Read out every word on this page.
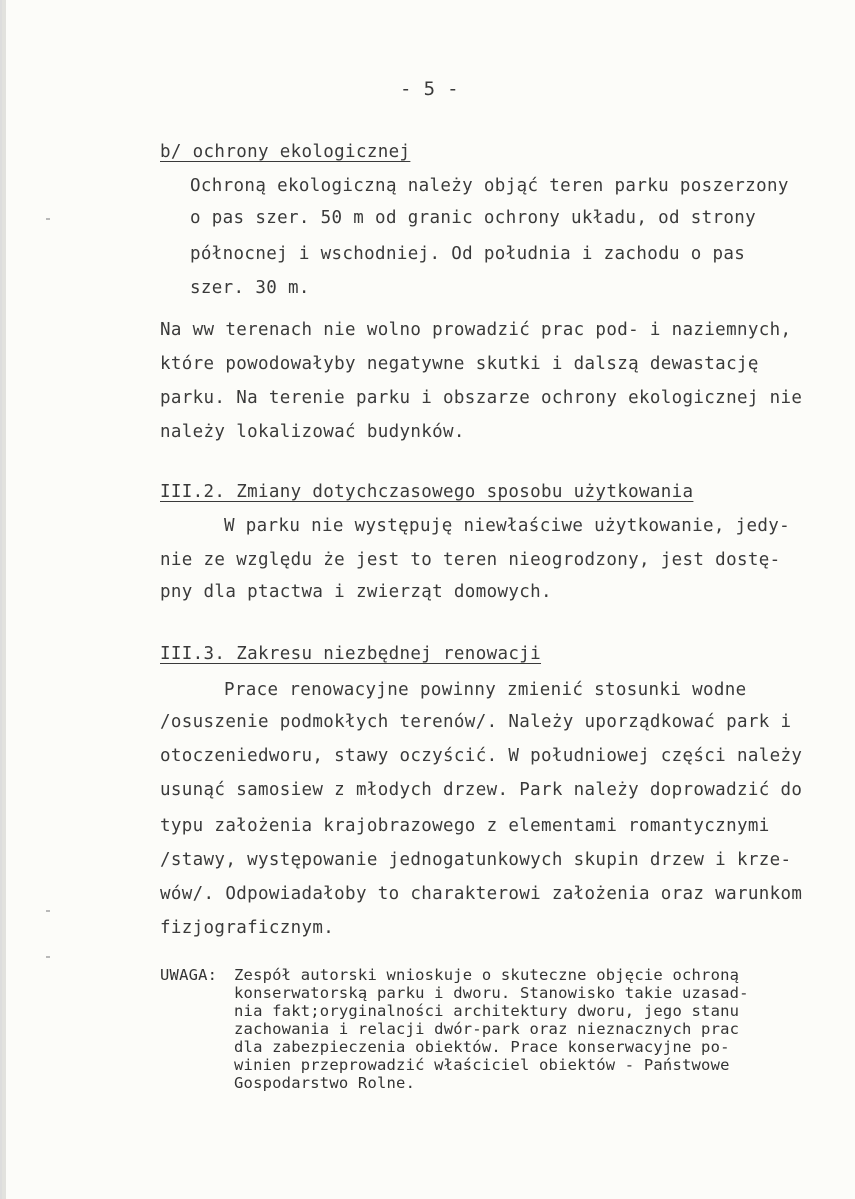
- 5 -
b/ ochrony ekologicznej
Ochroną ekologiczną należy objąć teren parku poszerzony
o pas szer. 50 m od granic ochrony układu, od strony
północnej i wschodniej. Od południa i zachodu o pas
szer. 30 m.
Na ww terenach nie wolno prowadzić prac pod- i naziemnych,
które powodowałyby negatywne skutki i dalszą dewastację
parku. Na terenie parku i obszarze ochrony ekologicznej nie
należy lokalizować budynków.
III.2. Zmiany dotychczasowego sposobu użytkowania
W parku nie występuję niewłaściwe użytkowanie, jedy-
nie ze względu że jest to teren nieogrodzony, jest dostę-
pny dla ptactwa i zwierząt domowych.
III.3. Zakresu niezbędnej renowacji
Prace renowacyjne powinny zmienić stosunki wodne
/osuszenie podmokłych terenów/. Należy uporządkować park i
otoczeniedworu, stawy oczyścić. W południowej części należy
usunąć samosiew z młodych drzew. Park należy doprowadzić do
typu założenia krajobrazowego z elementami romantycznymi
/stawy, występowanie jednogatunkowych skupin drzew i krze-
wów/. Odpowiadałoby to charakterowi założenia oraz warunkom
fizjograficznym.
UWAGA: Zespół autorski wnioskuje o skuteczne objęcie ochroną
konserwatorską parku i dworu. Stanowisko takie uzasad-
nia fakt;oryginalności architektury dworu, jego stanu
zachowania i relacji dwór-park oraz nieznacznych prac
dla zabezpieczenia obiektów. Prace konserwacyjne po-
winien przeprowadzić właściciel obiektów - Państwowe
Gospodarstwo Rolne.
